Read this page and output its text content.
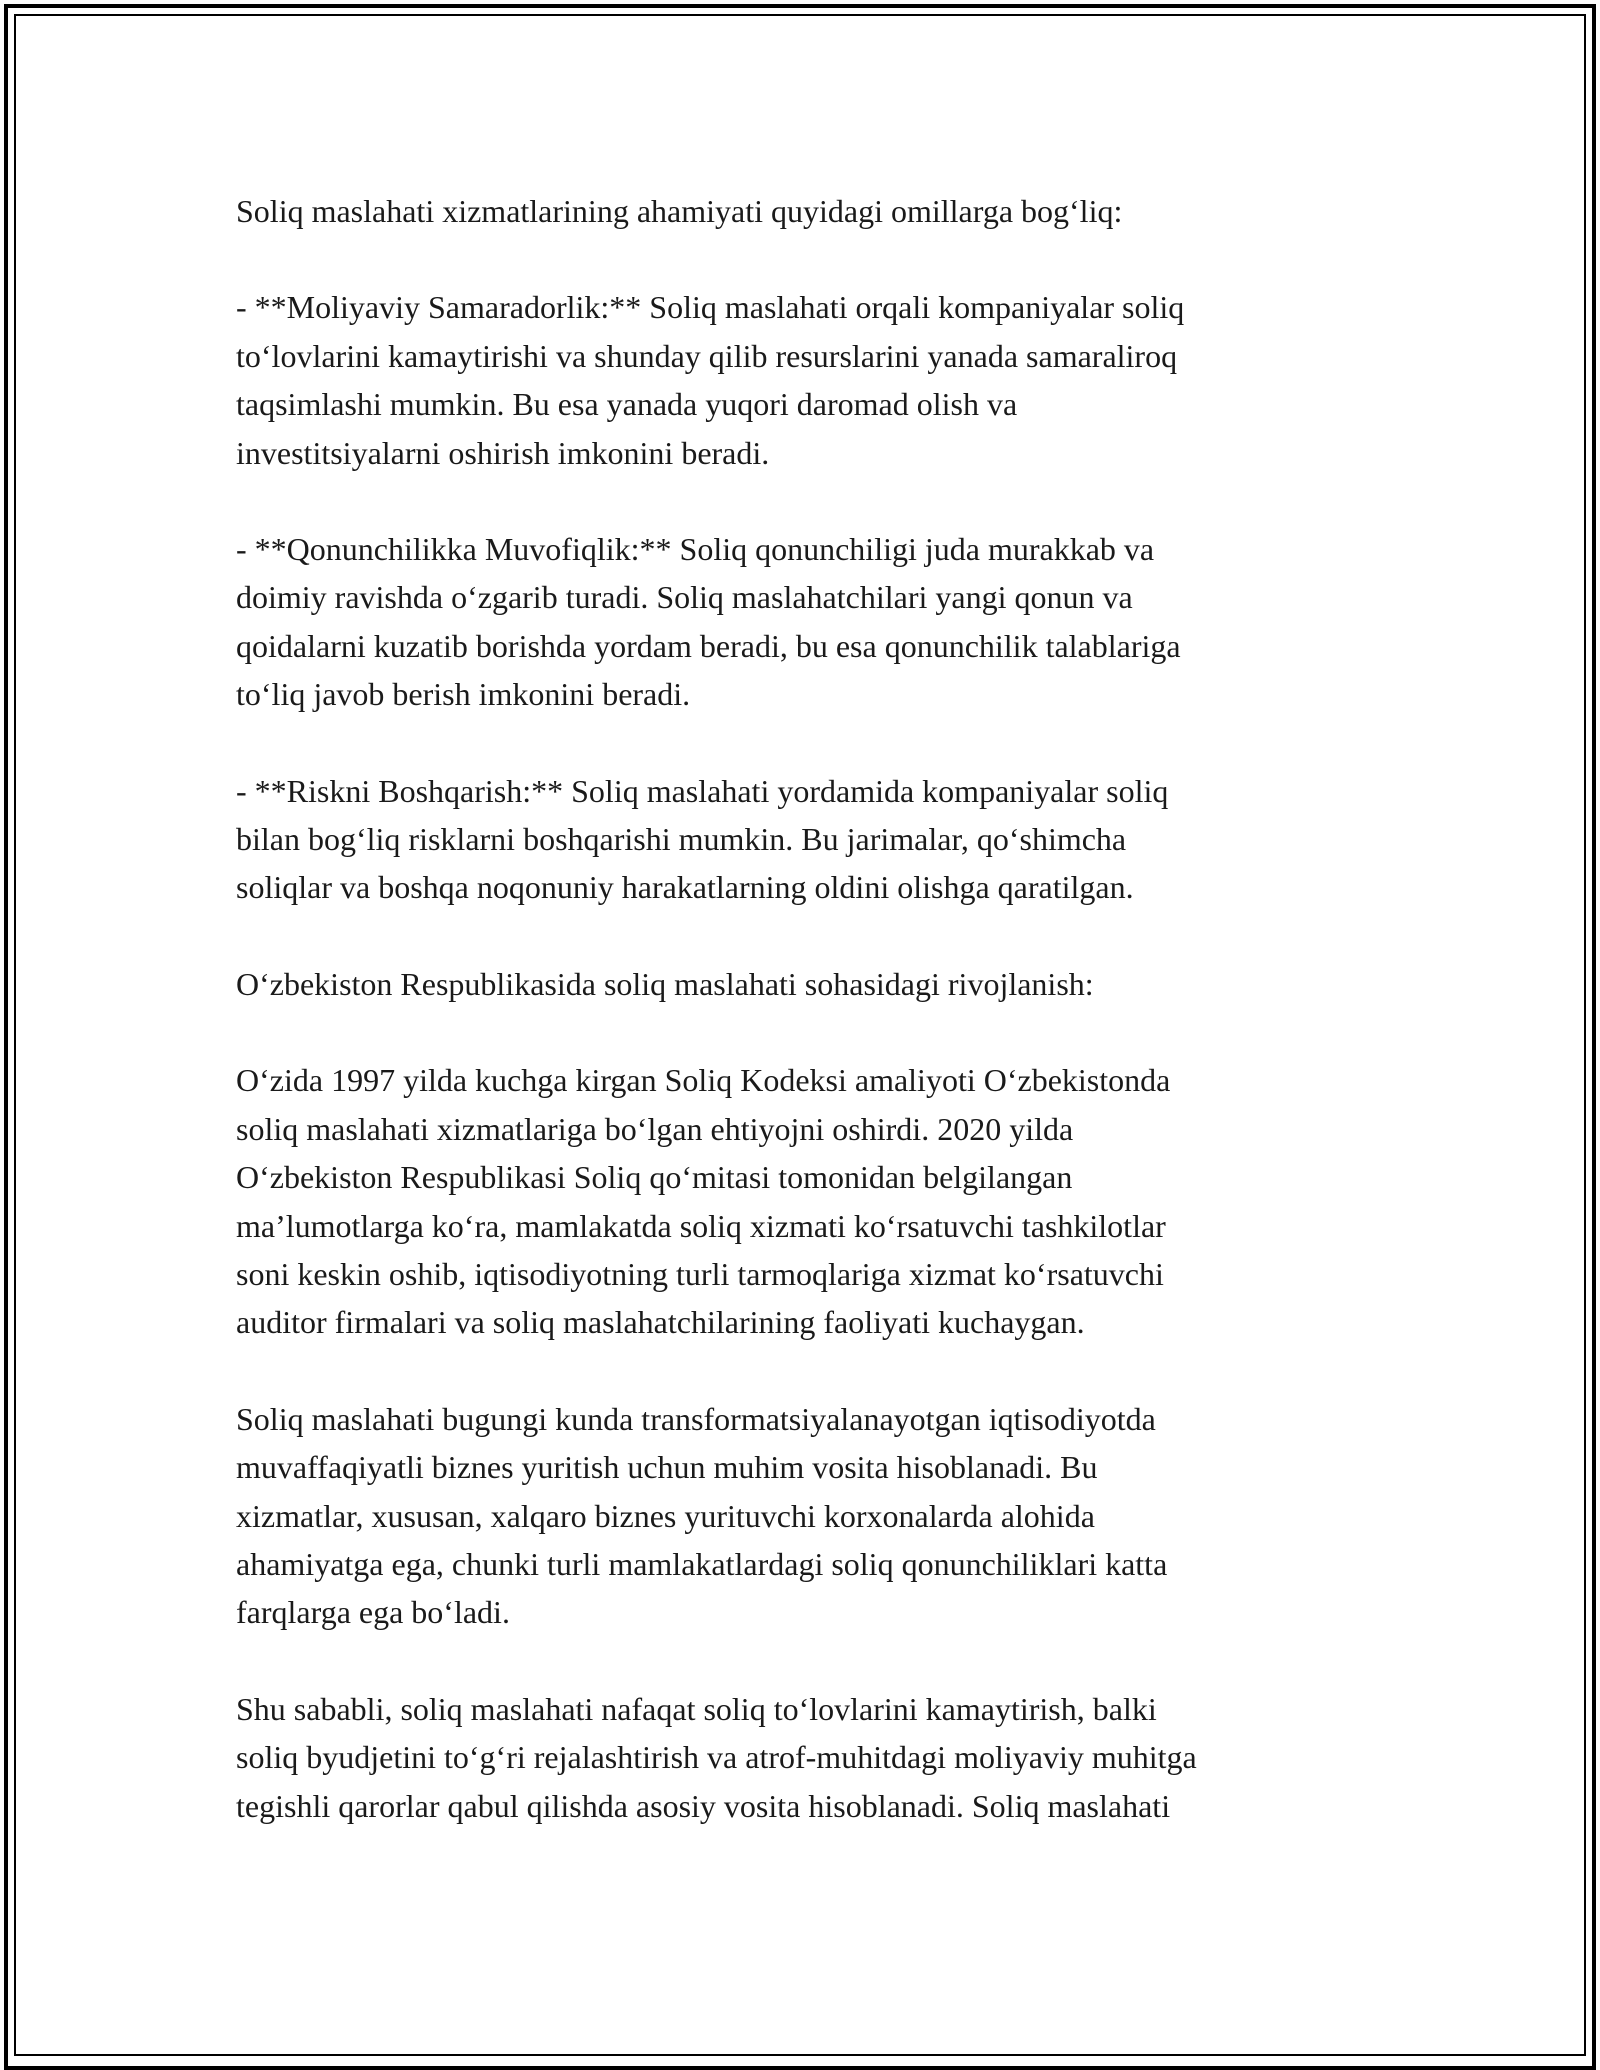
Soliq maslahati xizmatlarining ahamiyati quyidagi omillarga bog‘liq:

- **Moliyaviy Samaradorlik:** Soliq maslahati orqali kompaniyalar soliq
to‘lovlarini kamaytirishi va shunday qilib resurslarini yanada samaraliroq
taqsimlashi mumkin. Bu esa yanada yuqori daromad olish va
investitsiyalarni oshirish imkonini beradi.

- **Qonunchilikka Muvofiqlik:** Soliq qonunchiligi juda murakkab va
doimiy ravishda o‘zgarib turadi. Soliq maslahatchilari yangi qonun va
qoidalarni kuzatib borishda yordam beradi, bu esa qonunchilik talablariga
to‘liq javob berish imkonini beradi.

- **Riskni Boshqarish:** Soliq maslahati yordamida kompaniyalar soliq
bilan bog‘liq risklarni boshqarishi mumkin. Bu jarimalar, qo‘shimcha
soliqlar va boshqa noqonuniy harakatlarning oldini olishga qaratilgan.

O‘zbekiston Respublikasida soliq maslahati sohasidagi rivojlanish:

O‘zida 1997 yilda kuchga kirgan Soliq Kodeksi amaliyoti O‘zbekistonda
soliq maslahati xizmatlariga bo‘lgan ehtiyojni oshirdi. 2020 yilda
O‘zbekiston Respublikasi Soliq qo‘mitasi tomonidan belgilangan
ma’lumotlarga ko‘ra, mamlakatda soliq xizmati ko‘rsatuvchi tashkilotlar
soni keskin oshib, iqtisodiyotning turli tarmoqlariga xizmat ko‘rsatuvchi
auditor firmalari va soliq maslahatchilarining faoliyati kuchaygan.

Soliq maslahati bugungi kunda transformatsiyalanayotgan iqtisodiyotda
muvaffaqiyatli biznes yuritish uchun muhim vosita hisoblanadi. Bu
xizmatlar, xususan, xalqaro biznes yurituvchi korxonalarda alohida
ahamiyatga ega, chunki turli mamlakatlardagi soliq qonunchiliklari katta
farqlarga ega bo‘ladi.

Shu sababli, soliq maslahati nafaqat soliq to‘lovlarini kamaytirish, balki
soliq byudjetini to‘g‘ri rejalashtirish va atrof-muhitdagi moliyaviy muhitga
tegishli qarorlar qabul qilishda asosiy vosita hisoblanadi. Soliq maslahati
